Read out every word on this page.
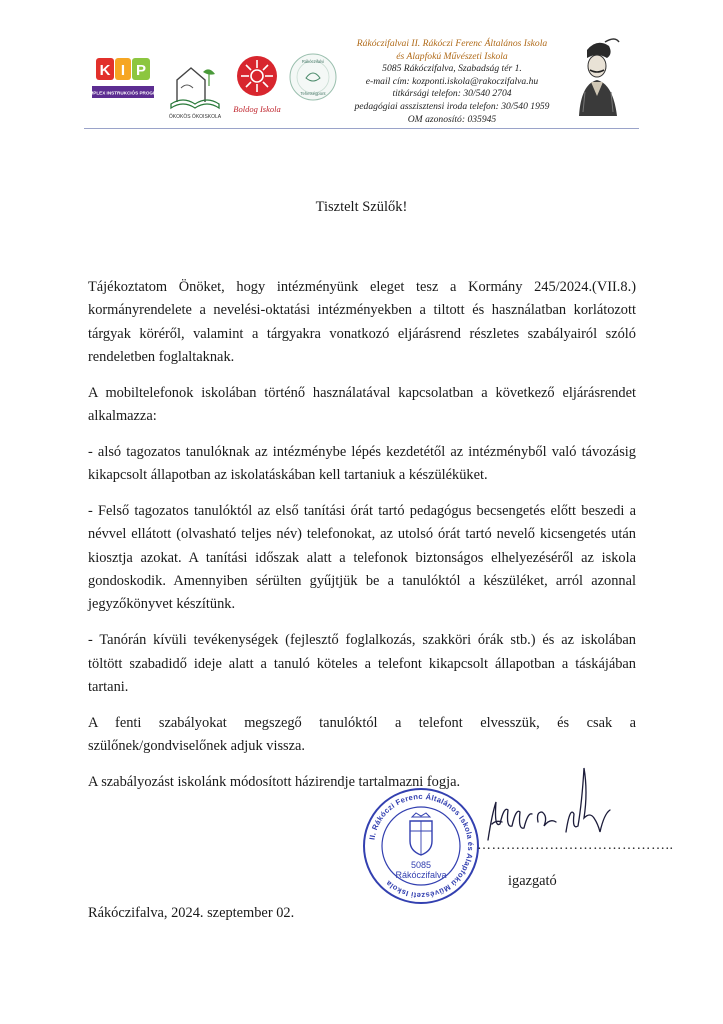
K I P
KOMPLEX INSTRUKCIÓS PROGRAM
ÖKOKÖS ÖKOISKOLA
Boldog Iskola
Rákóczifalvi
Tehetségpont
Rákóczifalvai II. Rákóczi Ferenc Általános Iskola
és Alapfokú Művészeti Iskola
5085 Rákóczifalva, Szabadság tér 1.
e-mail cím: kozponti.iskola@rakoczifalva.hu
titkársági telefon: 30/540 2704
pedagógiai asszisztensi iroda telefon: 30/540 1959
OM azonosító: 035945
Tisztelt Szülők!

Tájékoztatom Önöket, hogy intézményünk eleget tesz a Kormány 245/2024.(VII.8.) kormányrendelete a nevelési-oktatási intézményekben a tiltott és használatban korlátozott tárgyak köréről, valamint a tárgyakra vonatkozó eljárásrend részletes szabályairól szóló rendeletben foglaltaknak.

A mobiltelefonok iskolában történő használatával kapcsolatban a következő eljárásrendet alkalmazza:

- alsó tagozatos tanulóknak az intézménybe lépés kezdetétől az intézményből való távozásig kikapcsolt állapotban az iskolatáskában kell tartaniuk a készüléküket.

- Felső tagozatos tanulóktól az első tanítási órát tartó pedagógus becsengetés előtt beszedi a névvel ellátott (olvasható teljes név) telefonokat, az utolsó órát tartó nevelő kicsengetés után kiosztja azokat. A tanítási időszak alatt a telefonok biztonságos elhelyezéséről az iskola gondoskodik. Amennyiben sérülten gyűjtjük be a tanulóktól a készüléket, arról azonnal jegyzőkönyvet készítünk.

- Tanórán kívüli tevékenységek (fejlesztő foglalkozás, szakköri órák stb.) és az iskolában töltött szabadidő ideje alatt a tanuló köteles a telefont kikapcsolt állapotban a táskájában tartani.

A fenti szabályokat megszegő tanulóktól a telefont elvesszük, és csak a szülőnek/gondviselőnek adjuk vissza.

A szabályozást iskolánk módosított házirendje tartalmazni fogja.

II. Rákóczi Ferenc Általános Iskola és Alapfokú Művészeti Iskola
5085
Rákóczifalva
…………………………………..
igazgató
Rákóczifalva, 2024. szeptember 02.
